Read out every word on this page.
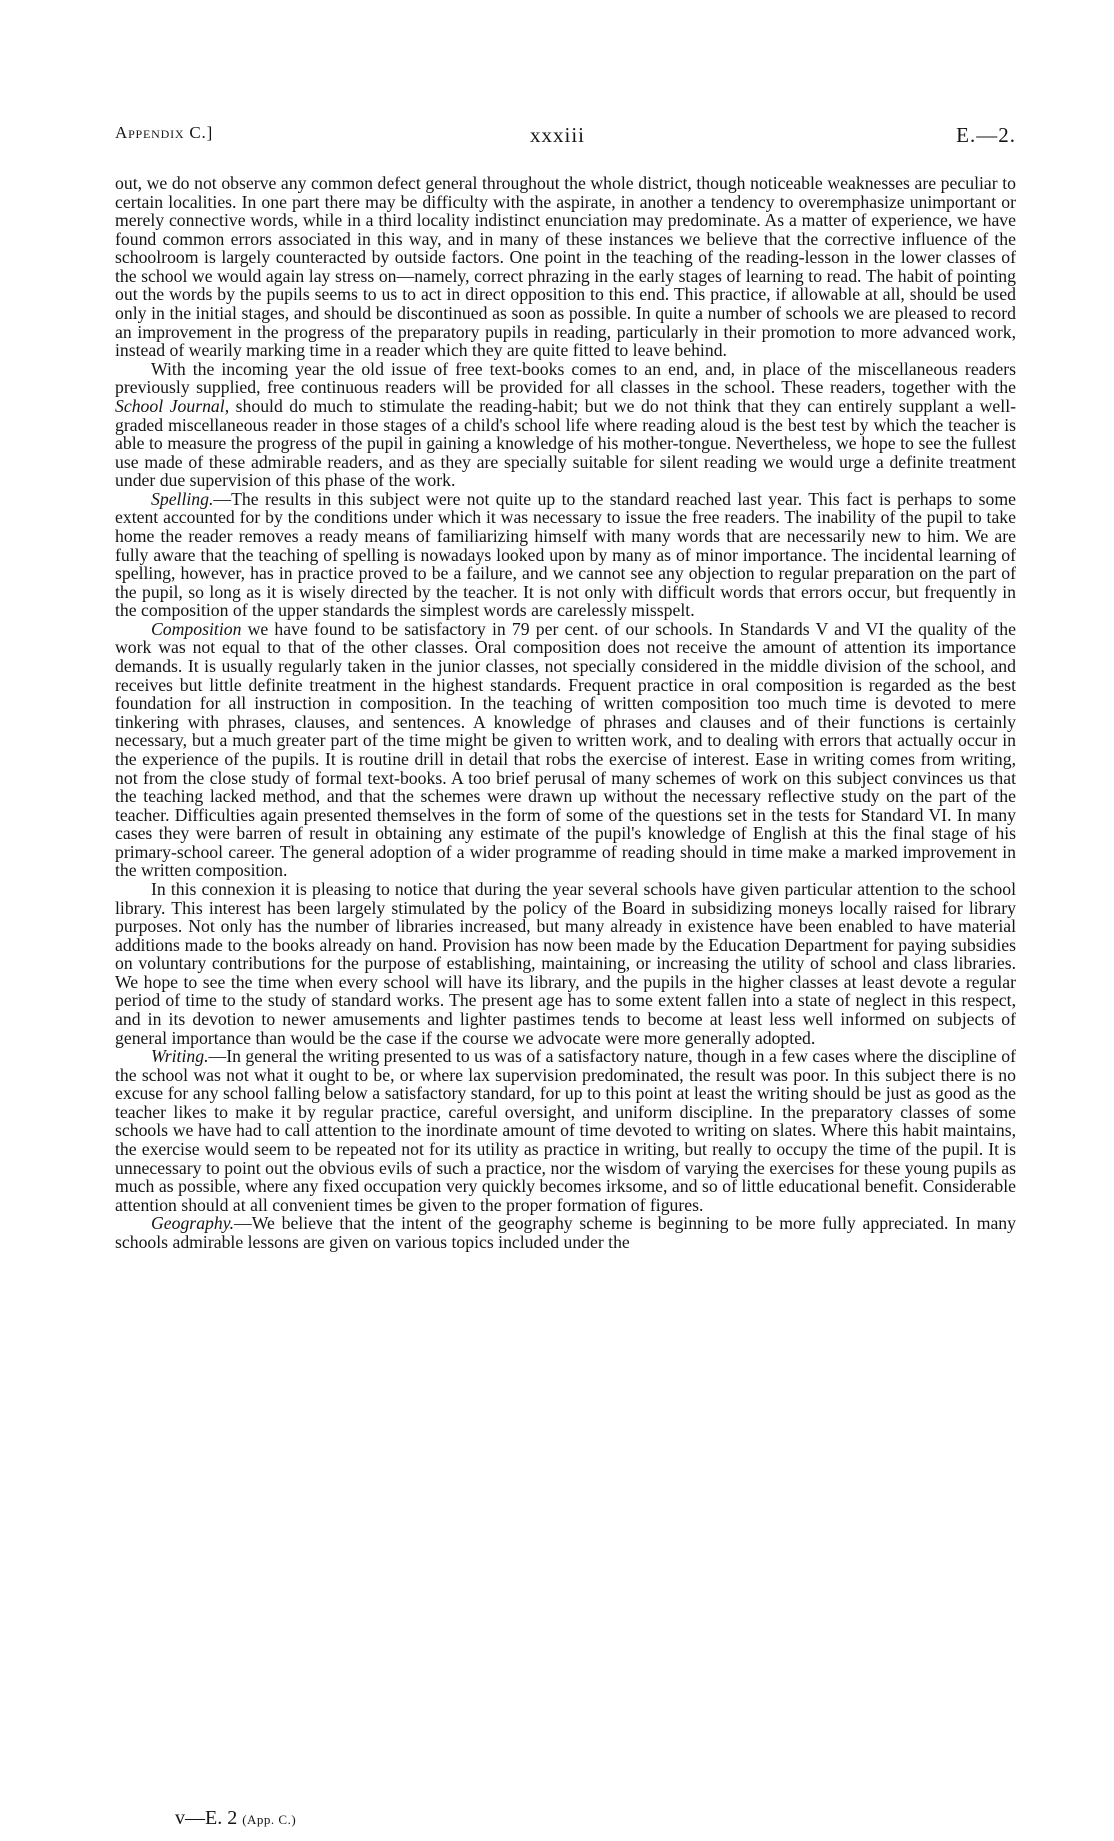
Appendix C.]	xxxiii	E.—2.

out, we do not observe any common defect general throughout the whole district, though noticeable weaknesses are peculiar to certain localities. In one part there may be difficulty with the aspirate, in another a tendency to overemphasize unimportant or merely connective words, while in a third locality indistinct enunciation may predominate. As a matter of experience, we have found common errors associated in this way, and in many of these instances we believe that the corrective influence of the schoolroom is largely counteracted by outside factors. One point in the teaching of the reading-lesson in the lower classes of the school we would again lay stress on—namely, correct phrazing in the early stages of learning to read. The habit of pointing out the words by the pupils seems to us to act in direct opposition to this end. This practice, if allowable at all, should be used only in the initial stages, and should be discontinued as soon as possible. In quite a number of schools we are pleased to record an improvement in the progress of the preparatory pupils in reading, particularly in their promotion to more advanced work, instead of wearily marking time in a reader which they are quite fitted to leave behind.

With the incoming year the old issue of free text-books comes to an end, and, in place of the miscellaneous readers previously supplied, free continuous readers will be provided for all classes in the school. These readers, together with the School Journal, should do much to stimulate the reading-habit; but we do not think that they can entirely supplant a well-graded miscellaneous reader in those stages of a child's school life where reading aloud is the best test by which the teacher is able to measure the progress of the pupil in gaining a knowledge of his mother-tongue. Nevertheless, we hope to see the fullest use made of these admirable readers, and as they are specially suitable for silent reading we would urge a definite treatment under due supervision of this phase of the work.

Spelling.—The results in this subject were not quite up to the standard reached last year. This fact is perhaps to some extent accounted for by the conditions under which it was necessary to issue the free readers. The inability of the pupil to take home the reader removes a ready means of familiarizing himself with many words that are necessarily new to him. We are fully aware that the teaching of spelling is nowadays looked upon by many as of minor importance. The incidental learning of spelling, however, has in practice proved to be a failure, and we cannot see any objection to regular preparation on the part of the pupil, so long as it is wisely directed by the teacher. It is not only with difficult words that errors occur, but frequently in the composition of the upper standards the simplest words are carelessly misspelt.

Composition we have found to be satisfactory in 79 per cent. of our schools. In Standards V and VI the quality of the work was not equal to that of the other classes. Oral composition does not receive the amount of attention its importance demands. It is usually regularly taken in the junior classes, not specially considered in the middle division of the school, and receives but little definite treatment in the highest standards. Frequent practice in oral composition is regarded as the best foundation for all instruction in composition. In the teaching of written composition too much time is devoted to mere tinkering with phrases, clauses, and sentences. A knowledge of phrases and clauses and of their functions is certainly necessary, but a much greater part of the time might be given to written work, and to dealing with errors that actually occur in the experience of the pupils. It is routine drill in detail that robs the exercise of interest. Ease in writing comes from writing, not from the close study of formal text-books. A too brief perusal of many schemes of work on this subject convinces us that the teaching lacked method, and that the schemes were drawn up without the necessary reflective study on the part of the teacher. Difficulties again presented themselves in the form of some of the questions set in the tests for Standard VI. In many cases they were barren of result in obtaining any estimate of the pupil's knowledge of English at this the final stage of his primary-school career. The general adoption of a wider programme of reading should in time make a marked improvement in the written composition.

In this connexion it is pleasing to notice that during the year several schools have given particular attention to the school library. This interest has been largely stimulated by the policy of the Board in subsidizing moneys locally raised for library purposes. Not only has the number of libraries increased, but many already in existence have been enabled to have material additions made to the books already on hand. Provision has now been made by the Education Department for paying subsidies on voluntary contributions for the purpose of establishing, maintaining, or increasing the utility of school and class libraries. We hope to see the time when every school will have its library, and the pupils in the higher classes at least devote a regular period of time to the study of standard works. The present age has to some extent fallen into a state of neglect in this respect, and in its devotion to newer amusements and lighter pastimes tends to become at least less well informed on subjects of general importance than would be the case if the course we advocate were more generally adopted.

Writing.—In general the writing presented to us was of a satisfactory nature, though in a few cases where the discipline of the school was not what it ought to be, or where lax supervision predominated, the result was poor. In this subject there is no excuse for any school falling below a satisfactory standard, for up to this point at least the writing should be just as good as the teacher likes to make it by regular practice, careful oversight, and uniform discipline. In the preparatory classes of some schools we have had to call attention to the inordinate amount of time devoted to writing on slates. Where this habit maintains, the exercise would seem to be repeated not for its utility as practice in writing, but really to occupy the time of the pupil. It is unnecessary to point out the obvious evils of such a practice, nor the wisdom of varying the exercises for these young pupils as much as possible, where any fixed occupation very quickly becomes irksome, and so of little educational benefit. Considerable attention should at all convenient times be given to the proper formation of figures.

Geography.—We believe that the intent of the geography scheme is beginning to be more fully appreciated. In many schools admirable lessons are given on various topics included under the

v—E. 2 (App. C.)
